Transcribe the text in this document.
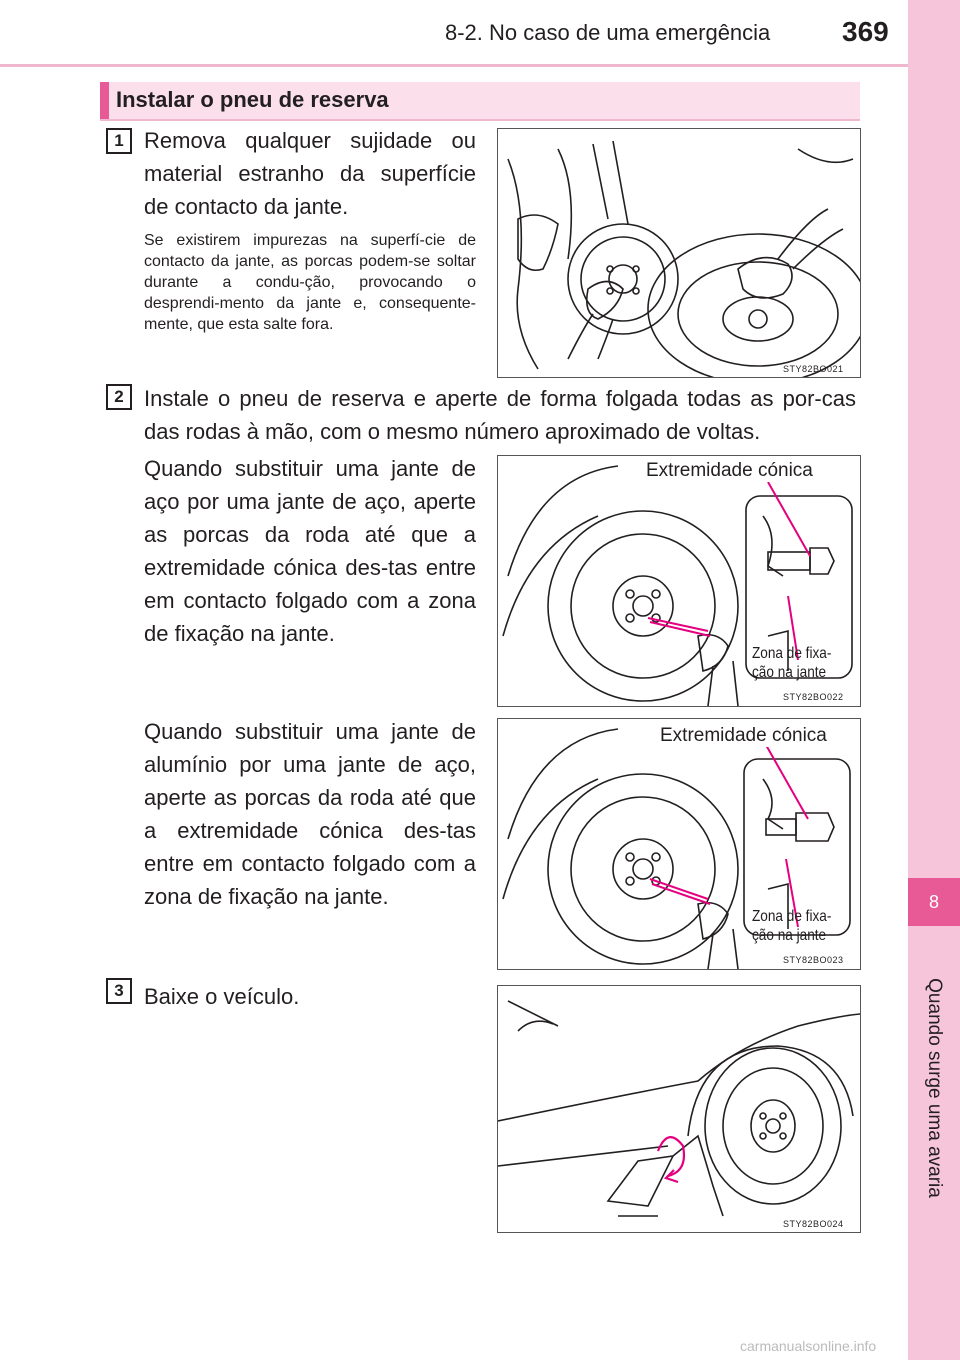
8-2. No caso de uma emergência	369
8
Quando surge uma avaria
Instalar o pneu de reserva
1 Remova qualquer sujidade ou material estranho da superfície de contacto da jante.
Se existirem impurezas na superfí-cie de contacto da jante, as porcas podem-se soltar durante a condu-ção, provocando o desprendi-mento da jante e, consequente-mente, que esta salte fora.
STY82BO021
2 Instale o pneu de reserva e aperte de forma folgada todas as por-cas das rodas à mão, com o mesmo número aproximado de voltas.
Quando substituir uma jante de aço por uma jante de aço, aperte as porcas da roda até que a extremidade cónica des-tas entre em contacto folgado com a zona de fixação na jante.
Quando substituir uma jante de alumínio por uma jante de aço, aperte as porcas da roda até que a extremidade cónica des-tas entre em contacto folgado com a zona de fixação na jante.
Extremidade cónica
Zona de fixa-
ção na jante
STY82BO022
Extremidade cónica
Zona de fixa-
ção na jante
STY82BO023
3 Baixe o veículo.
STY82BO024
carmanualsonline.info
